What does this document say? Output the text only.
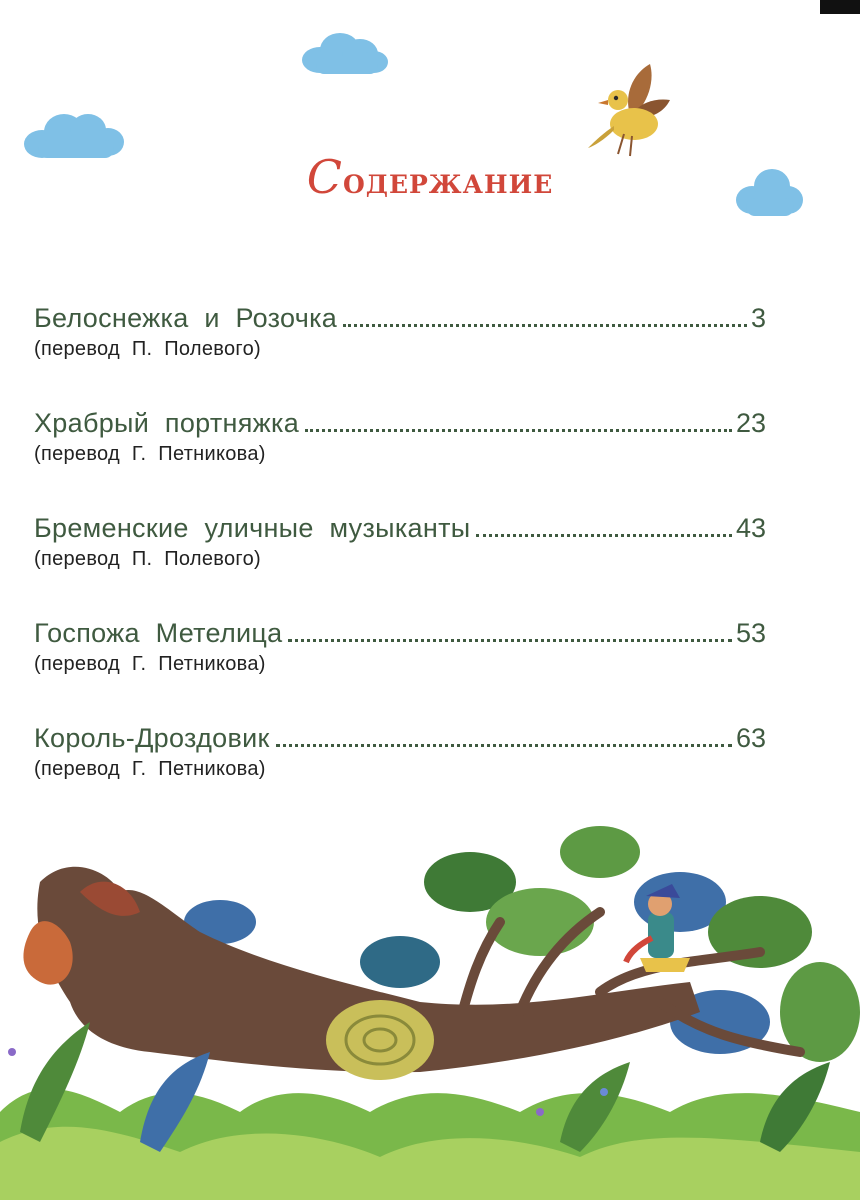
Содержание
Белоснежка и Розочка	3
(перевод П. Полевого)
Храбрый портняжка	23
(перевод Г. Петникова)
Бременские уличные музыканты	43
(перевод П. Полевого)
Госпожа Метелица	53
(перевод Г. Петникова)
Король-Дроздовик	63
(перевод Г. Петникова)
